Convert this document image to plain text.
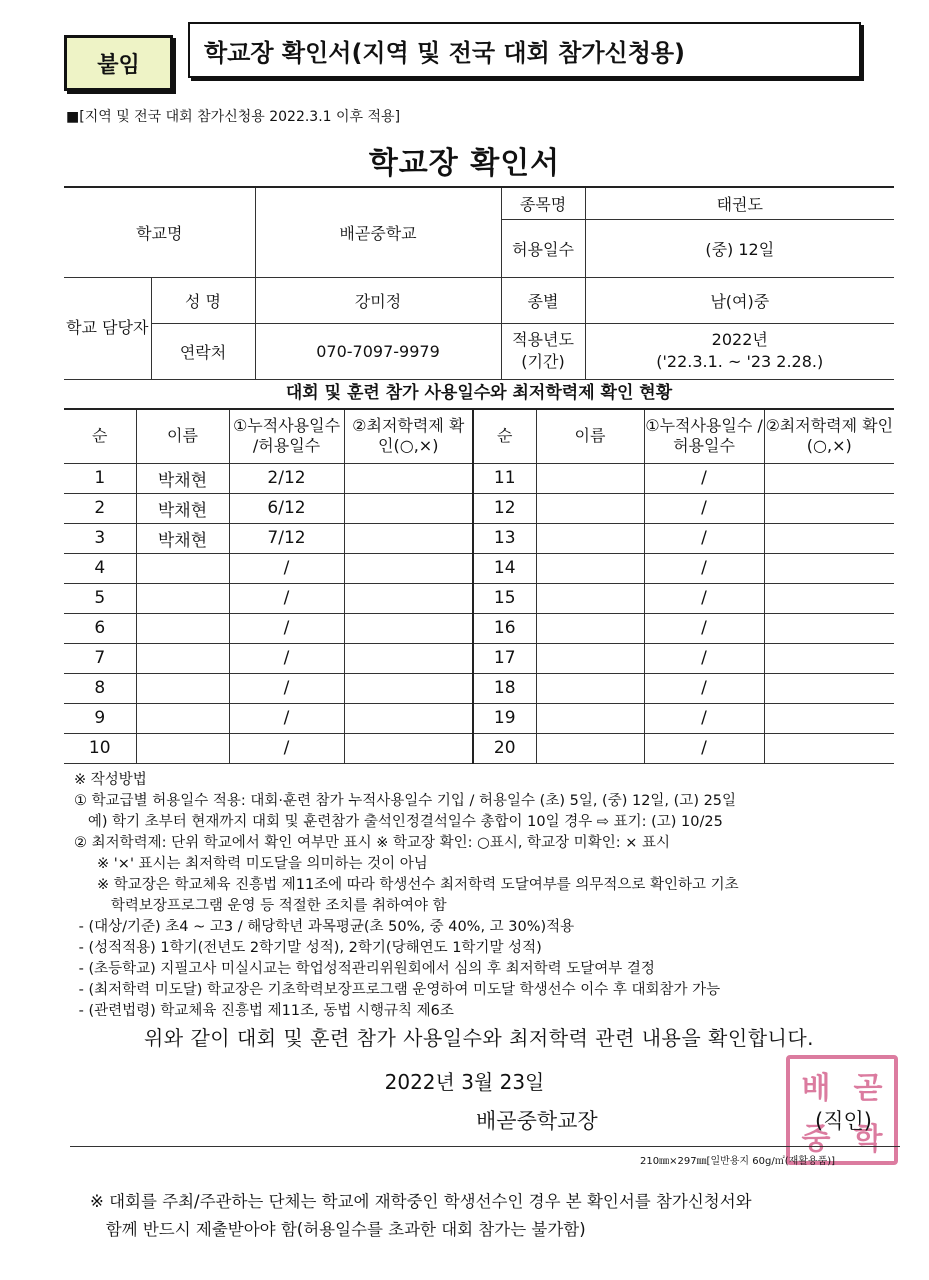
붙임	학교장 확인서(지역 및 전국 대회 참가신청용)
■[지역 및 전국 대회 참가신청용 2022.3.1 이후 적용]
학교장 확인서
학교명		배곧중학교	종목명	태권도
			허용일수	(중) 12일
학교 담당자	성 명	강미정	종별	남(여)중
	연락처	070-7097-9979	적용년도 (기간)	2022년
('22.3.1. ~ '23 2.28.)
대회 및 훈련 참가 사용일수와 최저학력제 확인 현황
순	이름	①누적사용일수 /허용일수	②최저학력제 확인(○,×)	순	이름	①누적사용일수 /허용일수	②최저학력제 확인(○,×)
1	박채현	2/12		11		/	
2	박채현	6/12		12		/	
3	박채현	7/12		13		/	
4		/		14		/	
5		/		15		/	
6		/		16		/	
7		/		17		/	
8		/		18		/	
9		/		19		/	
10		/		20		/	
※ 작성방법
① 학교급별 허용일수 적용: 대회·훈련 참가 누적사용일수 기입 / 허용일수 (초) 5일, (중) 12일, (고) 25일
예) 학기 초부터 현재까지 대회 및 훈련참가 출석인정결석일수 총합이 10일 경우 ⇨ 표기: (고) 10/25
② 최저학력제: 단위 학교에서 확인 여부만 표시 ※ 학교장 확인: ○표시, 학교장 미확인: × 표시
※ '×' 표시는 최저학력 미도달을 의미하는 것이 아님
※ 학교장은 학교체육 진흥법 제11조에 따라 학생선수 최저학력 도달여부를 의무적으로 확인하고 기초
학력보장프로그램 운영 등 적절한 조치를 취하여야 함
- (대상/기준) 초4 ~ 고3 / 해당학년 과목평균(초 50%, 중 40%, 고 30%)적용
- (성적적용) 1학기(전년도 2학기말 성적), 2학기(당해연도 1학기말 성적)
- (초등학교) 지필고사 미실시교는 학업성적관리위원회에서 심의 후 최저학력 도달여부 결정
- (최저학력 미도달) 학교장은 기초학력보장프로그램 운영하여 미도달 학생선수 이수 후 대회참가 가능
- (관련법령) 학교체육 진흥법 제11조, 동법 시행규칙 제6조
위와 같이 대회 및 훈련 참가 사용일수와 최저학력 관련 내용을 확인합니다.
2022년 3월 23일
배곧중학교장
배 곧
중 학
(직인)
210㎜×297㎜[일반용지 60g/㎡(재활용품)]
※ 대회를 주최/주관하는 단체는 학교에 재학중인 학생선수인 경우 본 확인서를 참가신청서와
함께 반드시 제출받아야 함(허용일수를 초과한 대회 참가는 불가함)
